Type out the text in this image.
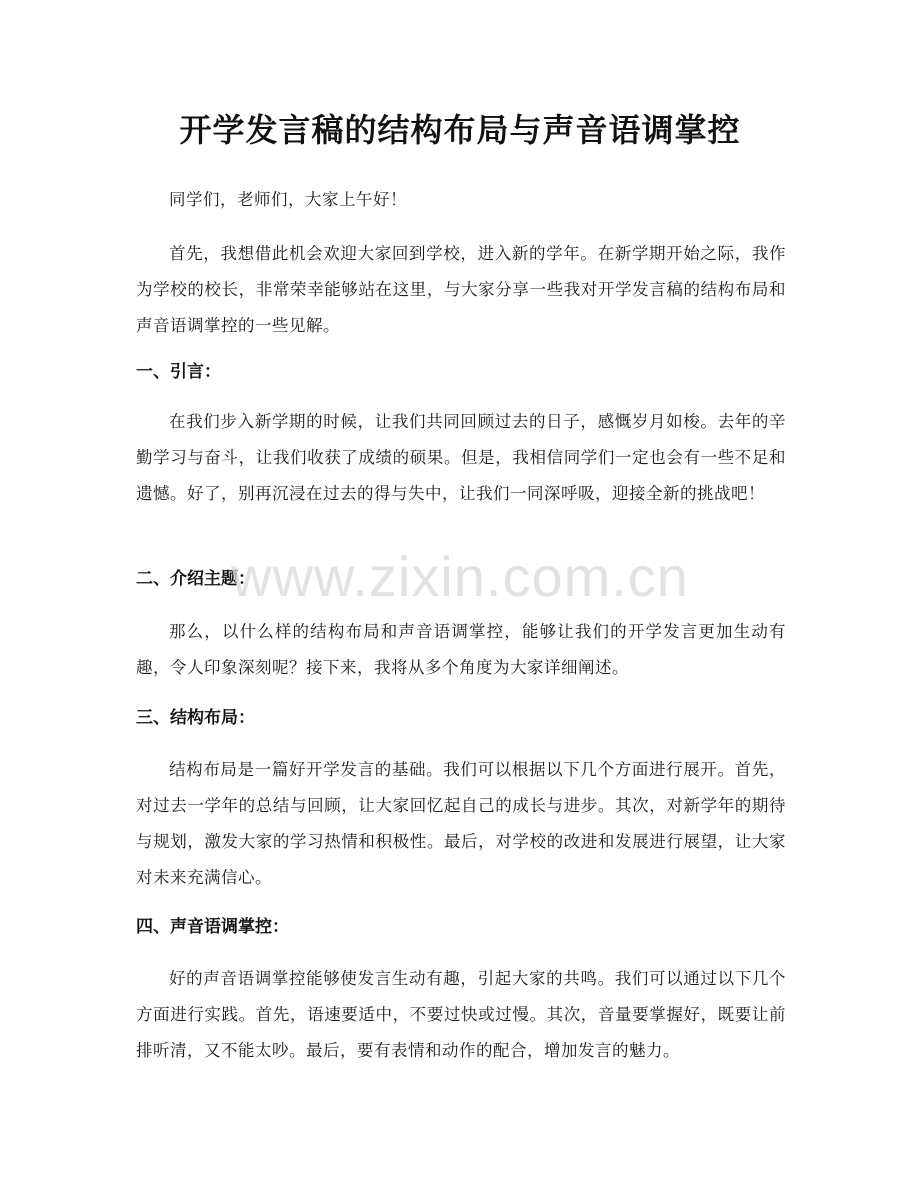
开学发言稿的结构布局与声音语调掌控
同学们，老师们，大家上午好！
首先，我想借此机会欢迎大家回到学校，进入新的学年。在新学期开始之际，我作为学校的校长，非常荣幸能够站在这里，与大家分享一些我对开学发言稿的结构布局和声音语调掌控的一些见解。
一、引言：
在我们步入新学期的时候，让我们共同回顾过去的日子，感慨岁月如梭。去年的辛勤学习与奋斗，让我们收获了成绩的硕果。但是，我相信同学们一定也会有一些不足和遗憾。好了，别再沉浸在过去的得与失中，让我们一同深呼吸，迎接全新的挑战吧！
二、介绍主题：
那么，以什么样的结构布局和声音语调掌控，能够让我们的开学发言更加生动有趣，令人印象深刻呢？接下来，我将从多个角度为大家详细阐述。
三、结构布局：
结构布局是一篇好开学发言的基础。我们可以根据以下几个方面进行展开。首先，对过去一学年的总结与回顾，让大家回忆起自己的成长与进步。其次，对新学年的期待与规划，激发大家的学习热情和积极性。最后，对学校的改进和发展进行展望，让大家对未来充满信心。
四、声音语调掌控：
好的声音语调掌控能够使发言生动有趣，引起大家的共鸣。我们可以通过以下几个方面进行实践。首先，语速要适中，不要过快或过慢。其次，音量要掌握好，既要让前排听清，又不能太吵。最后，要有表情和动作的配合，增加发言的魅力。
www.zixin.com.cn
